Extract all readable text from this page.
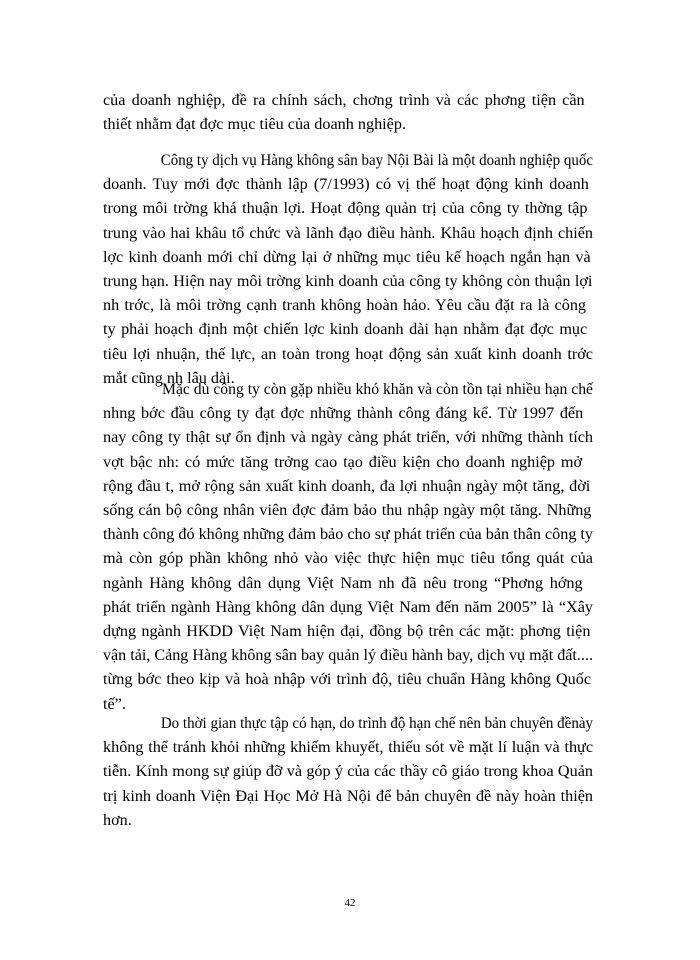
của doanh nghiệp, đề ra chính sách, chơng trình và các phơng tiện cần
thiết nhằm đạt đợc mục tiêu của doanh nghiệp.
Công ty dịch vụ Hàng không sân bay Nội Bài là một doanh nghiệp quốc
doanh. Tuy mới đợc thành lập (7/1993) có vị thế hoạt động kinh doanh
trong môi trờng khá thuận lợi. Hoạt động quản trị của công ty thờng tập
trung vào hai khâu tổ chức và lãnh đạo điều hành. Khâu hoạch định chiến
lợc kinh doanh mới chỉ dừng lại ở những mục tiêu kế hoạch ngắn hạn và
trung hạn. Hiện nay môi trờng kinh doanh của công ty không còn thuận lợi
nh trớc, là môi trờng cạnh tranh không hoàn hảo. Yêu cầu đặt ra là công
ty phải hoạch định một chiến lợc kinh doanh dài hạn nhằm đạt đợc mục
tiêu lợi nhuận, thế lực, an toàn trong hoạt động sản xuất kinh doanh trớc
mắt cũng nh lâu dài.
Mặc dù công ty còn gặp nhiều khó khăn và còn tồn tại nhiều hạn chế
nhng bớc đầu công ty đạt đợc những thành công đáng kể. Từ 1997 đến
nay công ty thật sự ổn định và ngày càng phát triển, với những thành tích
vợt bậc nh: có mức tăng trởng cao tạo điều kiện cho doanh nghiệp mở
rộng đầu t, mở rộng sản xuất kinh doanh, đa lợi nhuận ngày một tăng, đời
sống cán bộ công nhân viên đợc đảm bảo thu nhập ngày một tăng. Những
thành công đó không những đảm bảo cho sự phát triển của bản thân công ty
mà còn góp phần không nhỏ vào việc thực hiện mục tiêu tổng quát của
ngành Hàng không dân dụng Việt Nam nh đã nêu trong “Phơng hớng
phát triển ngành Hàng không dân dụng Việt Nam đến năm 2005” là “Xây
dựng ngành HKDD Việt Nam hiện đại, đồng bộ trên các mặt: phơng tiện
vận tải, Cảng Hàng không sân bay quản lý điều hành bay, dịch vụ mặt đất....
từng bớc theo kịp và hoà nhập với trình độ, tiêu chuẩn Hàng không Quốc
tế”.
Do thời gian thực tập có hạn, do trình độ hạn chế nên bản chuyên đềnày
không thể tránh khỏi những khiếm khuyết, thiếu sót về mặt lí luận và thực
tiễn. Kính mong sự giúp đỡ và góp ý của các thầy cô giáo trong khoa Quản
trị kinh doanh Viện Đại Học Mở Hà Nội để bản chuyên đề này hoàn thiện
hơn.
42
